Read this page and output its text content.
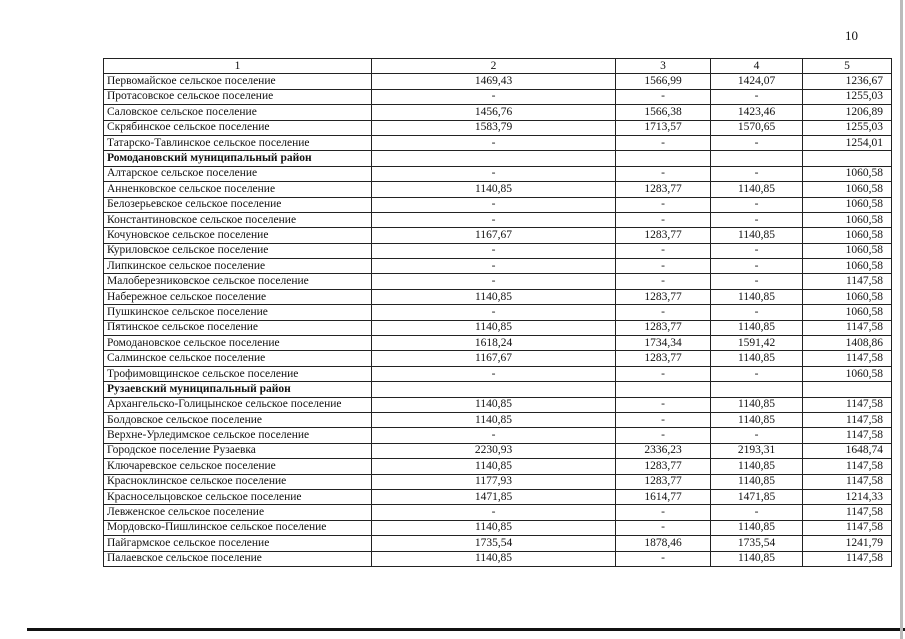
10
1	2	3	4	5
Первомайское сельское поселение	1469,43	1566,99	1424,07	1236,67
Протасовское сельское поселение	-	-	-	1255,03
Саловское сельское поселение	1456,76	1566,38	1423,46	1206,89
Скрябинское сельское поселение	1583,79	1713,57	1570,65	1255,03
Татарско-Тавлинское сельское поселение	-	-	-	1254,01
Ромодановский муниципальный район				
Алтарское сельское поселение	-	-	-	1060,58
Анненковское сельское поселение	1140,85	1283,77	1140,85	1060,58
Белозерьевское сельское поселение	-	-	-	1060,58
Константиновское сельское поселение	-	-	-	1060,58
Кочуновское сельское поселение	1167,67	1283,77	1140,85	1060,58
Куриловское сельское поселение	-	-	-	1060,58
Липкинское сельское поселение	-	-	-	1060,58
Малоберезниковское сельское поселение	-	-	-	1147,58
Набережное сельское поселение	1140,85	1283,77	1140,85	1060,58
Пушкинское сельское поселение	-	-	-	1060,58
Пятинское сельское поселение	1140,85	1283,77	1140,85	1147,58
Ромодановское сельское поселение	1618,24	1734,34	1591,42	1408,86
Салминское сельское поселение	1167,67	1283,77	1140,85	1147,58
Трофимовщинское сельское поселение	-	-	-	1060,58
Рузаевский муниципальный район				
Архангельско-Голицынское сельское поселение	1140,85	-	1140,85	1147,58
Болдовское сельское поселение	1140,85	-	1140,85	1147,58
Верхне-Урледимское сельское поселение	-	-	-	1147,58
Городское поселение Рузаевка	2230,93	2336,23	2193,31	1648,74
Ключаревское сельское поселение	1140,85	1283,77	1140,85	1147,58
Красноклинское сельское поселение	1177,93	1283,77	1140,85	1147,58
Красносельцовское сельское поселение	1471,85	1614,77	1471,85	1214,33
Левженское сельское поселение	-	-	-	1147,58
Мордовско-Пишлинское сельское поселение	1140,85	-	1140,85	1147,58
Пайгармское сельское поселение	1735,54	1878,46	1735,54	1241,79
Палаевское сельское поселение	1140,85	-	1140,85	1147,58
